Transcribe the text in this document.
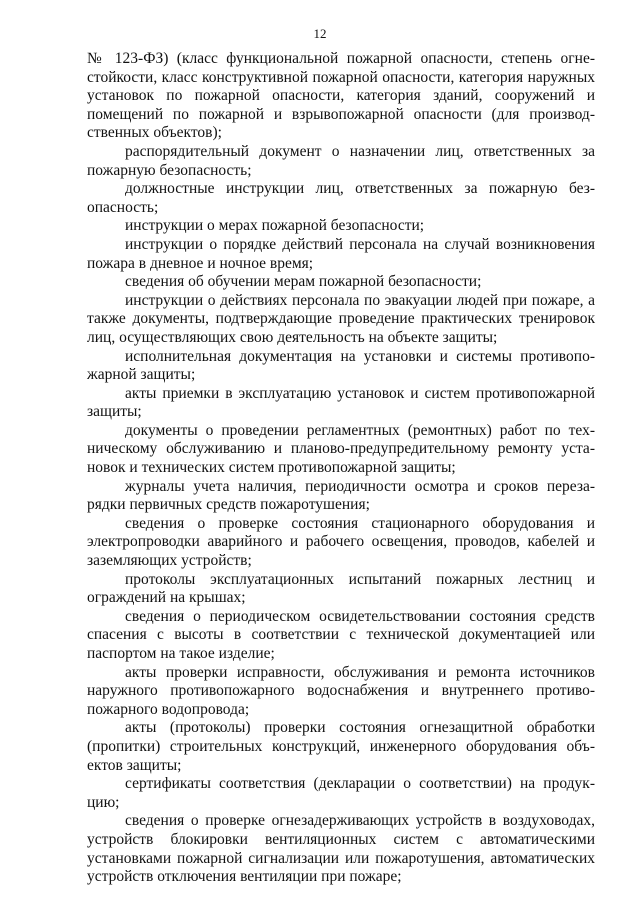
12

№ 123-ФЗ) (класс функциональной пожарной опасности, степень огнестойкости, класс конструктивной пожарной опасности, категория наружных установок по пожарной опасности, категория зданий, сооружений и помещений по пожарной и взрывопожарной опасности (для производственных объектов);

распорядительный документ о назначении лиц, ответственных за пожарную безопасность;

должностные инструкции лиц, ответственных за пожарную безопасность;

инструкции о мерах пожарной безопасности;

инструкции о порядке действий персонала на случай возникновения пожара в дневное и ночное время;

сведения об обучении мерам пожарной безопасности;

инструкции о действиях персонала по эвакуации людей при пожаре, а также документы, подтверждающие проведение практических тренировок лиц, осуществляющих свою деятельность на объекте защиты;

исполнительная документация на установки и системы противопожарной защиты;

акты приемки в эксплуатацию установок и систем противопожарной защиты;

документы о проведении регламентных (ремонтных) работ по техническому обслуживанию и планово-предупредительному ремонту установок и технических систем противопожарной защиты;

журналы учета наличия, периодичности осмотра и сроков перезарядки первичных средств пожаротушения;

сведения о проверке состояния стационарного оборудования и электропроводки аварийного и рабочего освещения, проводов, кабелей и заземляющих устройств;

протоколы эксплуатационных испытаний пожарных лестниц и ограждений на крышах;

сведения о периодическом освидетельствовании состояния средств спасения с высоты в соответствии с технической документацией или паспортом на такое изделие;

акты проверки исправности, обслуживания и ремонта источников наружного противопожарного водоснабжения и внутреннего противопожарного водопровода;

акты (протоколы) проверки состояния огнезащитной обработки (пропитки) строительных конструкций, инженерного оборудования объектов защиты;

сертификаты соответствия (декларации о соответствии) на продукцию;

сведения о проверке огнезадерживающих устройств в воздуховодах, устройств блокировки вентиляционных систем с автоматическими установками пожарной сигнализации или пожаротушения, автоматических устройств отключения вентиляции при пожаре;
